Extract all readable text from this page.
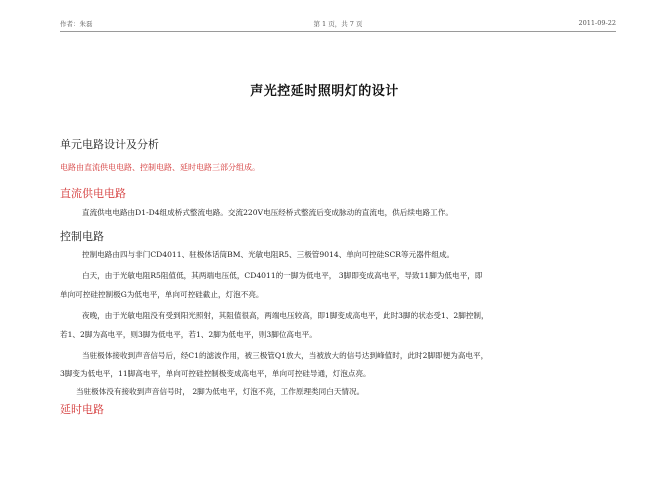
作者：朱磊	第 1 页，共 7 页	2011-09-22
声光控延时照明灯的设计
单元电路设计及分析
电路由直流供电电路、控制电路、延时电路三部分组成。
直流供电电路
直流供电电路由D1-D4组成桥式整流电路。交流220V电压经桥式整流后变成脉动的直流电，供后续电路工作。
控制电路
控制电路由四与非门CD4011、驻极体话筒BM、光敏电阻R5、三极管9014、单向可控硅SCR等元器件组成。
白天，由于光敏电阻R5阻值低，其两端电压低，CD4011的一脚为低电平， 3脚即变成高电平，导致11脚为低电平，即
单向可控硅控制极G为低电平，单向可控硅截止，灯泡不亮。
夜晚，由于光敏电阻没有受到阳光照射，其阻值很高，两端电压较高，即1脚变成高电平，此时3脚的状态受1、2脚控制，
若1、2脚为高电平，则3脚为低电平，若1、2脚为低电平，则3脚位高电平。
当驻极体接收到声音信号后，经C1的滤波作用，被三极管Q1放大，当被放大的信号达到峰值时，此时2脚即便为高电平，
3脚变为低电平，11脚高电平，单向可控硅控制极变成高电平，单向可控硅导通，灯泡点亮。
当驻极体没有接收到声音信号时， 2脚为低电平，灯泡不亮，工作原理类同白天情况。
延时电路
